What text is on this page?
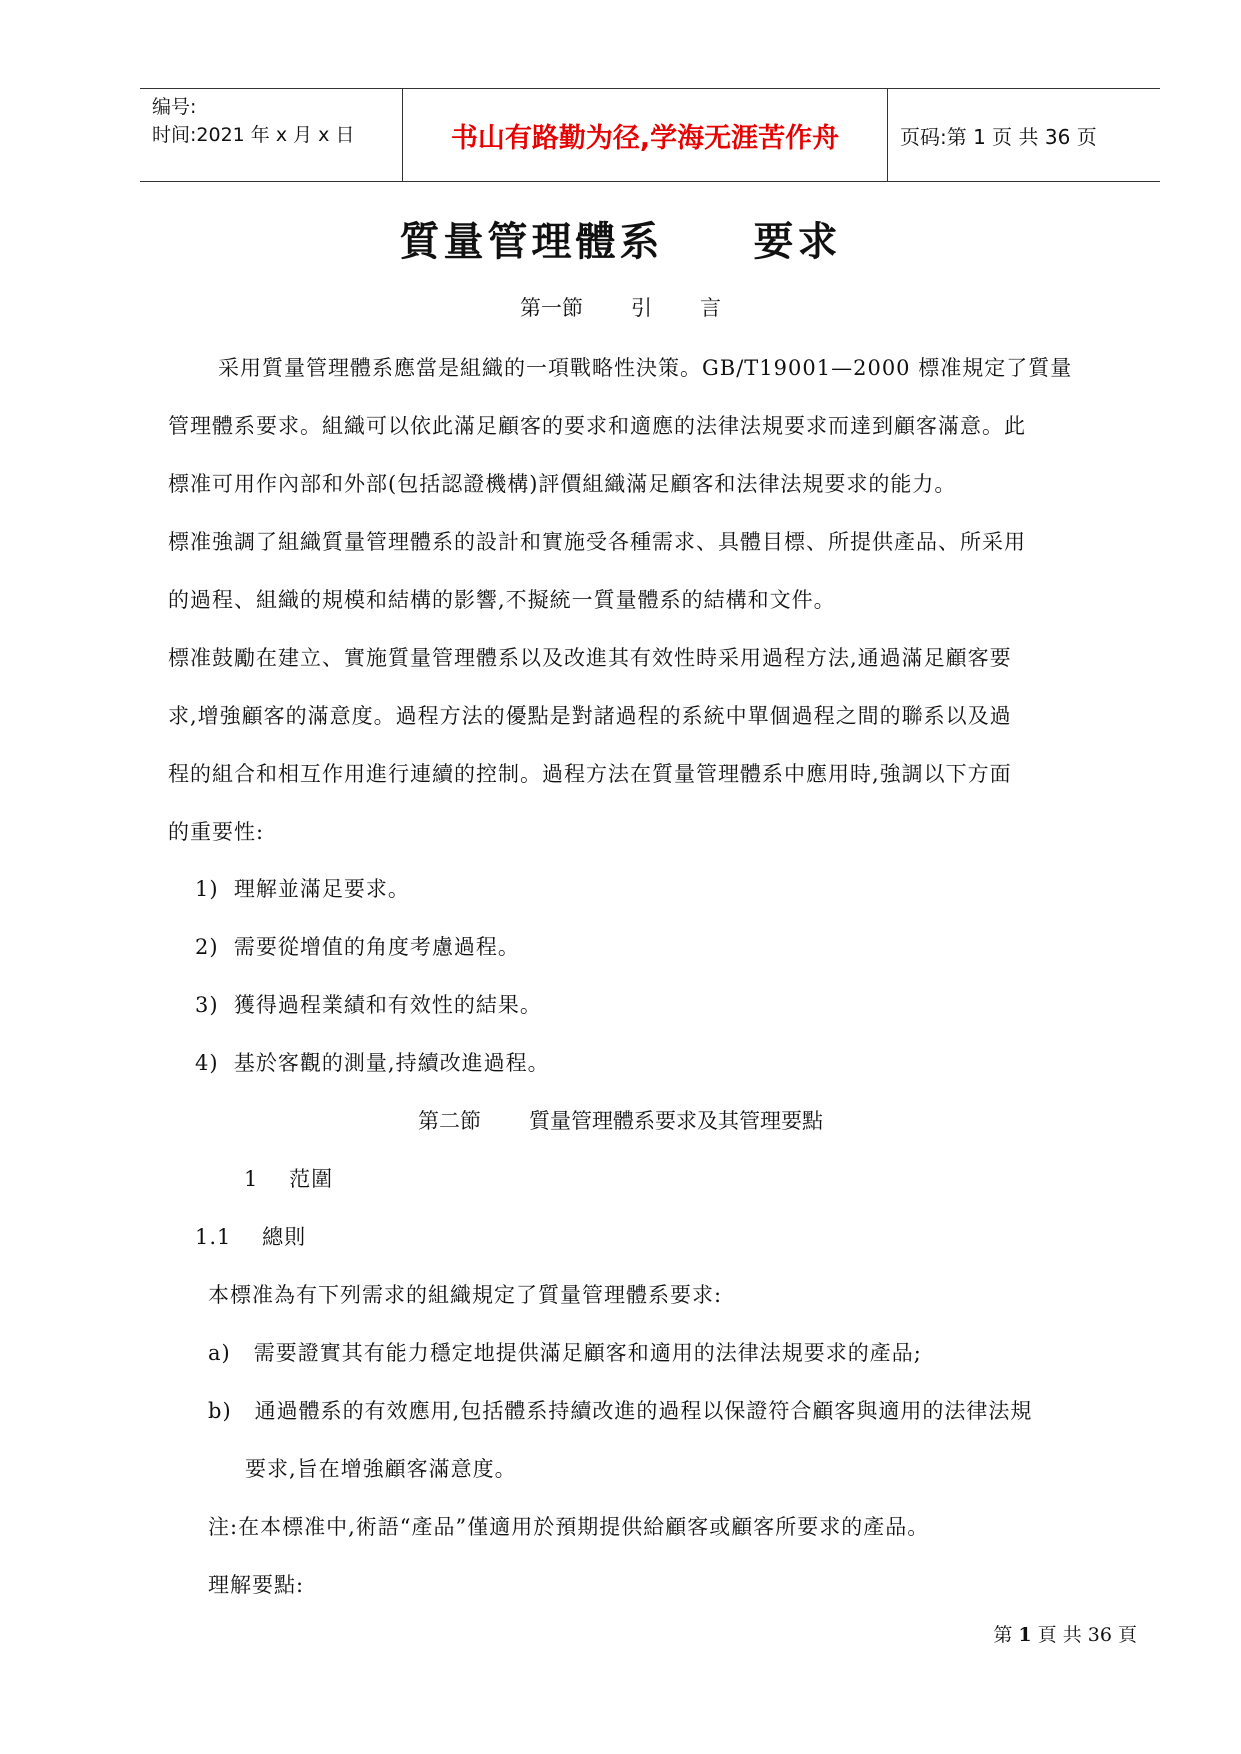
编号:
时间:2021 年 x 月 x 日	书山有路勤为径,学海无涯苦作舟	页码:第 1 页 共 36 页
質量管理體系 要求
第一節 引 言
采用質量管理體系應當是組織的一項戰略性決策。GB/T19001—2000 標准規定了質量
管理體系要求。組織可以依此滿足顧客的要求和適應的法律法規要求而達到顧客滿意。此
標准可用作內部和外部(包括認證機構)評價組織滿足顧客和法律法規要求的能力。
標准強調了組織質量管理體系的設計和實施受各種需求、具體目標、所提供產品、所采用
的過程、組織的規模和結構的影響,不擬統一質量體系的結構和文件。
標准鼓勵在建立、實施質量管理體系以及改進其有效性時采用過程方法,通過滿足顧客要
求,增強顧客的滿意度。過程方法的優點是對諸過程的系統中單個過程之間的聯系以及過
程的組合和相互作用進行連續的控制。過程方法在質量管理體系中應用時,強調以下方面
的重要性:
1) 理解並滿足要求。
2) 需要從增值的角度考慮過程。
3) 獲得過程業績和有效性的結果。
4) 基於客觀的測量,持續改進過程。
第二節 質量管理體系要求及其管理要點
1 范圍
1.1 總則
本標准為有下列需求的組織規定了質量管理體系要求:
a) 需要證實其有能力穩定地提供滿足顧客和適用的法律法規要求的產品;
b) 通過體系的有效應用,包括體系持續改進的過程以保證符合顧客與適用的法律法規
要求,旨在增強顧客滿意度。
注:在本標准中,術語“產品”僅適用於預期提供給顧客或顧客所要求的產品。
理解要點:
第 1 頁 共 36 頁
